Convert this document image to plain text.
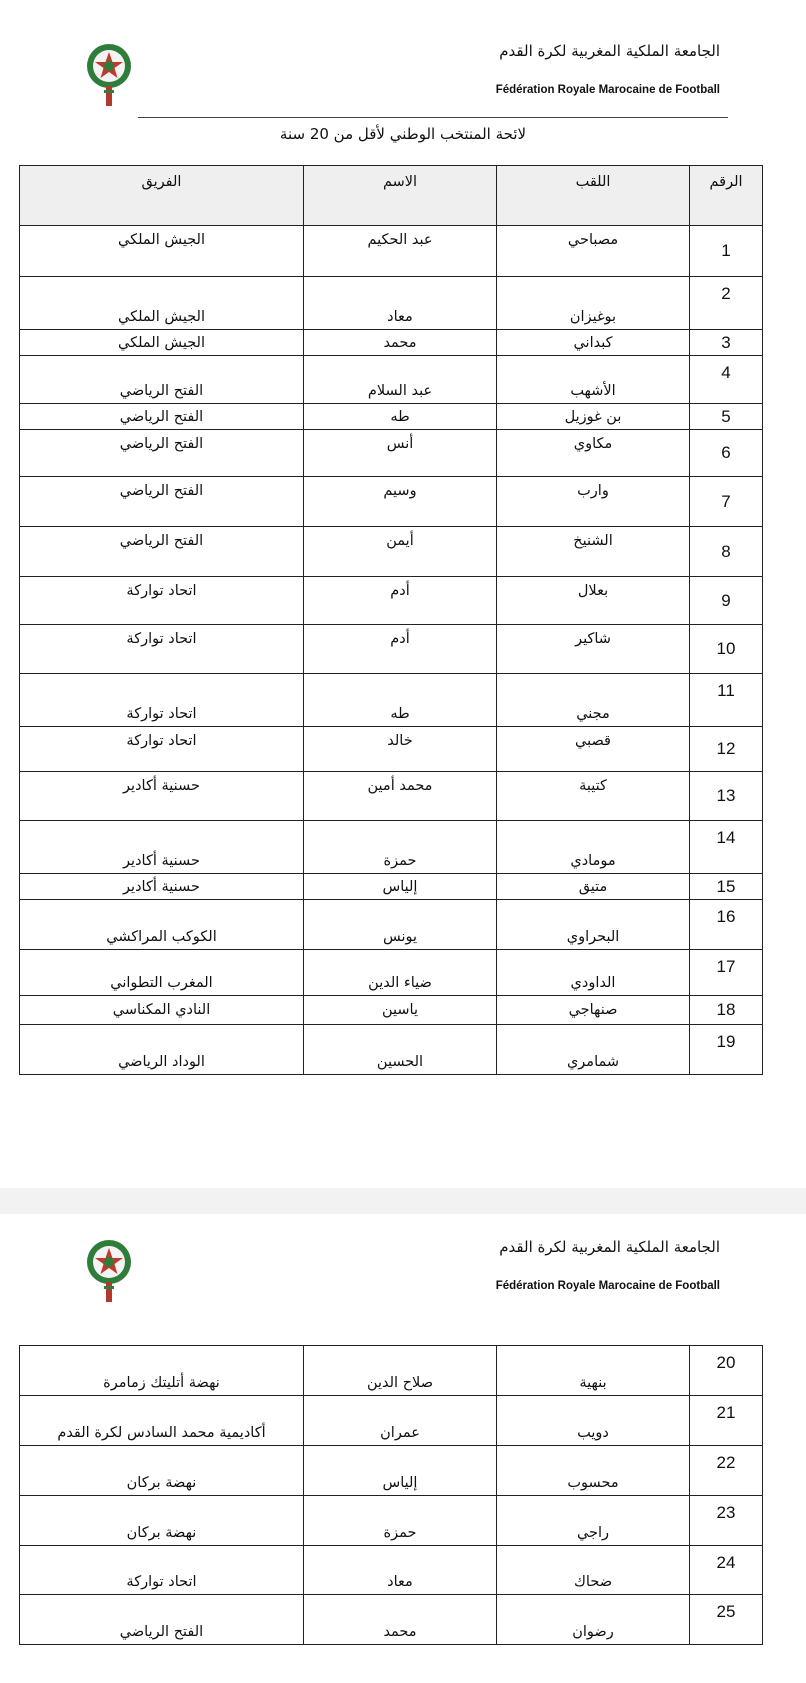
الجامعة الملكية المغربية لكرة القدم
Fédération Royale Marocaine de Football
لائحة المنتخب الوطني لأقل من 20 سنة
الرقم	اللقب	الاسم	الفريق
1	مصباحي	عبد الحكيم	الجيش الملكي
2	بوغيزان	معاد	الجيش الملكي
3	كبداني	محمد	الجيش الملكي
4	الأشهب	عبد السلام	الفتح الرياضي
5	بن غوزيل	طه	الفتح الرياضي
6	مكاوي	أنس	الفتح الرياضي
7	وارب	وسيم	الفتح الرياضي
8	الشنيخ	أيمن	الفتح الرياضي
9	بعلال	أدم	اتحاد تواركة
10	شاكير	أدم	اتحاد تواركة
11	مجني	طه	اتحاد تواركة
12	قصبي	خالد	اتحاد تواركة
13	كتيبة	محمد أمين	حسنية أكادير
14	مومادي	حمزة	حسنية أكادير
15	متيق	إلياس	حسنية أكادير
16	البحراوي	يونس	الكوكب المراكشي
17	الداودي	ضياء الدين	المغرب التطواني
18	صنهاجي	ياسين	النادي المكناسي
19	شمامري	الحسين	الوداد الرياضي
الجامعة الملكية المغربية لكرة القدم
Fédération Royale Marocaine de Football
20	بنهية	صلاح الدين	نهضة أتليتك زمامرة
21	دويب	عمران	أكاديمية محمد السادس لكرة القدم
22	محسوب	إلياس	نهضة بركان
23	راجي	حمزة	نهضة بركان
24	ضحاك	معاد	اتحاد تواركة
25	رضوان	محمد	الفتح الرياضي
